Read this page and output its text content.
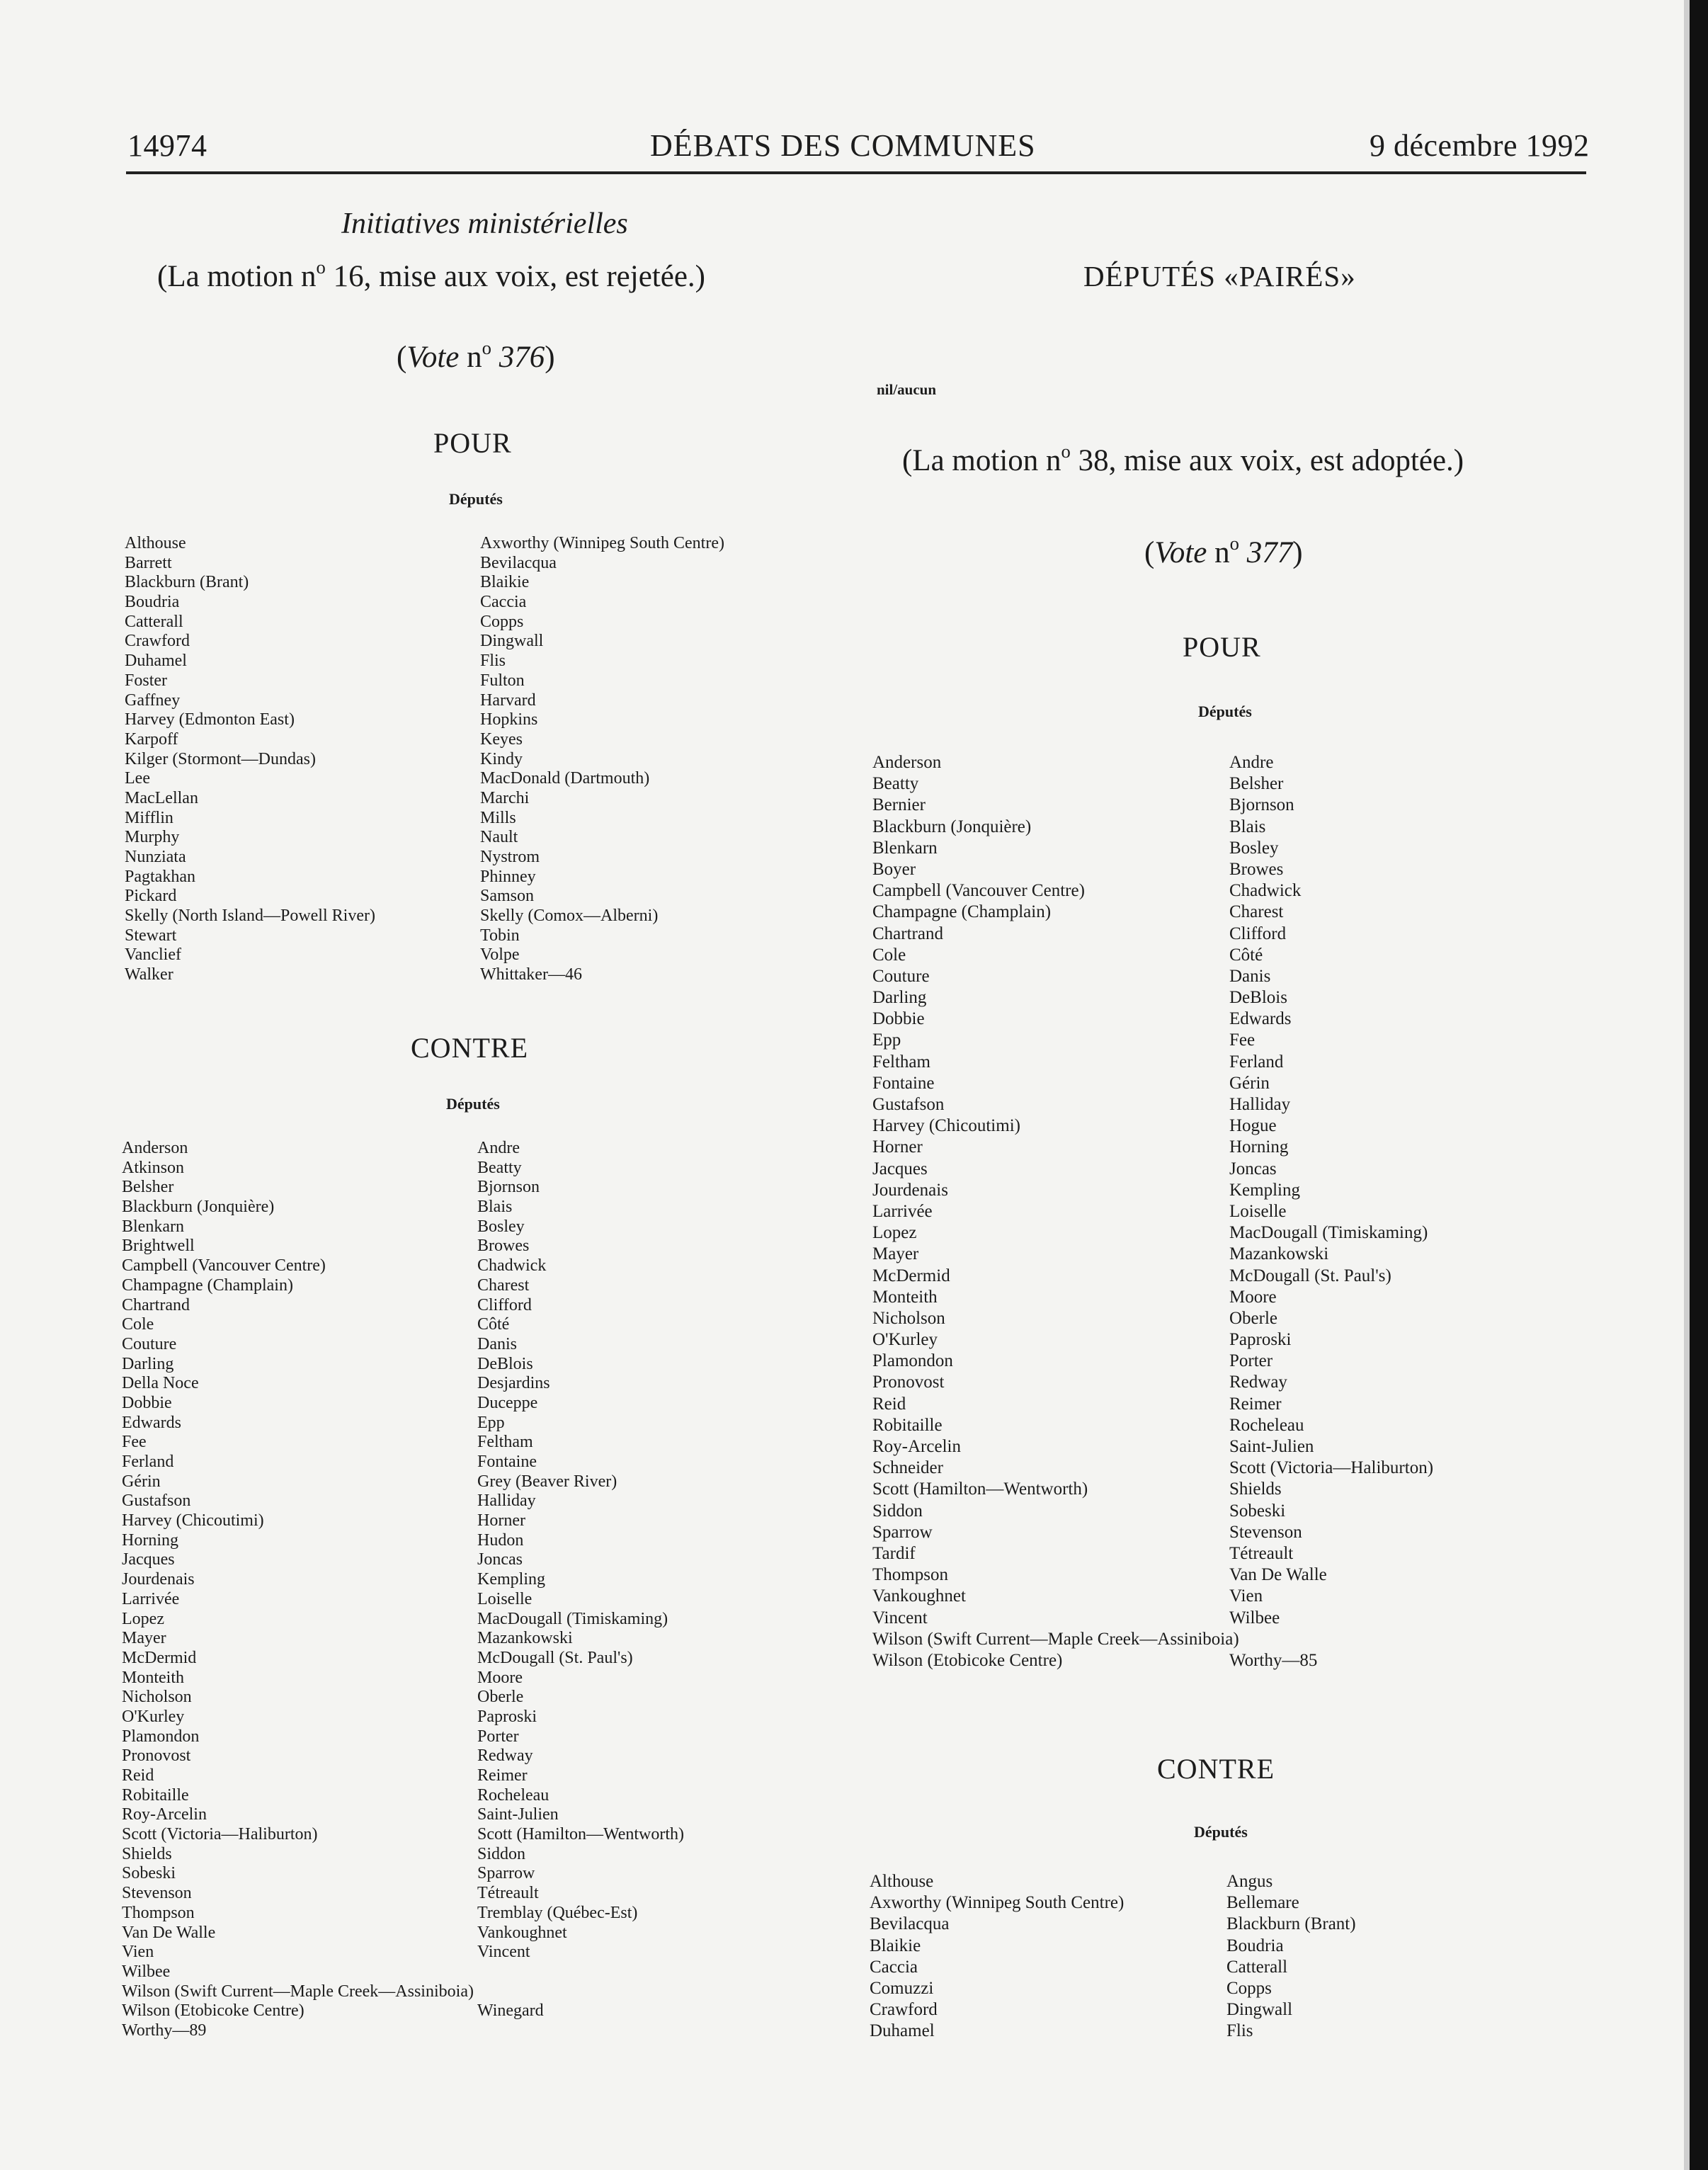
14974	DÉBATS DES COMMUNES	9 décembre 1992
Initiatives ministérielles
(La motion $n^o$ 16, mise aux voix, est rejetée.)
(Vote $n^o$ 376)
POUR
Députés
Althouse
Barrett
Blackburn (Brant)
Boudria
Catterall
Crawford
Duhamel
Foster
Gaffney
Harvey (Edmonton East)
Karpoff
Kilger (Stormont—Dundas)
Lee
MacLellan
Mifflin
Murphy
Nunziata
Pagtakhan
Pickard
Skelly (North Island—Powell River)
Stewart
Vanclief
Walker
Axworthy (Winnipeg South Centre)
Bevilacqua
Blaikie
Caccia
Copps
Dingwall
Flis
Fulton
Harvard
Hopkins
Keyes
Kindy
MacDonald (Dartmouth)
Marchi
Mills
Nault
Nystrom
Phinney
Samson
Skelly (Comox—Alberni)
Tobin
Volpe
Whittaker—46
CONTRE
Députés
Anderson
Atkinson
Belsher
Blackburn (Jonquière)
Blenkarn
Brightwell
Campbell (Vancouver Centre)
Champagne (Champlain)
Chartrand
Cole
Couture
Darling
Della Noce
Dobbie
Edwards
Fee
Ferland
Gérin
Gustafson
Harvey (Chicoutimi)
Horning
Jacques
Jourdenais
Larrivée
Lopez
Mayer
McDermid
Monteith
Nicholson
O'Kurley
Plamondon
Pronovost
Reid
Robitaille
Roy-Arcelin
Scott (Victoria—Haliburton)
Shields
Sobeski
Stevenson
Thompson
Van De Walle
Vien
Wilbee
Wilson (Swift Current—Maple Creek—Assiniboia)
Wilson (Etobicoke Centre)
Worthy—89
Andre
Beatty
Bjornson
Blais
Bosley
Browes
Chadwick
Charest
Clifford
Côté
Danis
DeBlois
Desjardins
Duceppe
Epp
Feltham
Fontaine
Grey (Beaver River)
Halliday
Horner
Hudon
Joncas
Kempling
Loiselle
MacDougall (Timiskaming)
Mazankowski
McDougall (St. Paul's)
Moore
Oberle
Paproski
Porter
Redway
Reimer
Rocheleau
Saint-Julien
Scott (Hamilton—Wentworth)
Siddon
Sparrow
Tétreault
Tremblay (Québec-Est)
Vankoughnet
Vincent
Winegard
DÉPUTÉS «PAIRÉS»
nil/aucun
(La motion $n^o$ 38, mise aux voix, est adoptée.)
(Vote $n^o$ 377)
POUR
Députés
Anderson
Beatty
Bernier
Blackburn (Jonquière)
Blenkarn
Boyer
Campbell (Vancouver Centre)
Champagne (Champlain)
Chartrand
Cole
Couture
Darling
Dobbie
Epp
Feltham
Fontaine
Gustafson
Harvey (Chicoutimi)
Horner
Jacques
Jourdenais
Larrivée
Lopez
Mayer
McDermid
Monteith
Nicholson
O'Kurley
Plamondon
Pronovost
Reid
Robitaille
Roy-Arcelin
Schneider
Scott (Hamilton—Wentworth)
Siddon
Sparrow
Tardif
Thompson
Vankoughnet
Vincent
Wilson (Swift Current—Maple Creek—Assiniboia)
Wilson (Etobicoke Centre)
Andre
Belsher
Bjornson
Blais
Bosley
Browes
Chadwick
Charest
Clifford
Côté
Danis
DeBlois
Edwards
Fee
Ferland
Gérin
Halliday
Hogue
Horning
Joncas
Kempling
Loiselle
MacDougall (Timiskaming)
Mazankowski
McDougall (St. Paul's)
Moore
Oberle
Paproski
Porter
Redway
Reimer
Rocheleau
Saint-Julien
Scott (Victoria—Haliburton)
Shields
Sobeski
Stevenson
Tétreault
Van De Walle
Vien
Wilbee
Worthy—85
CONTRE
Députés
Althouse
Axworthy (Winnipeg South Centre)
Bevilacqua
Blaikie
Caccia
Comuzzi
Crawford
Duhamel
Angus
Bellemare
Blackburn (Brant)
Boudria
Catterall
Copps
Dingwall
Flis
